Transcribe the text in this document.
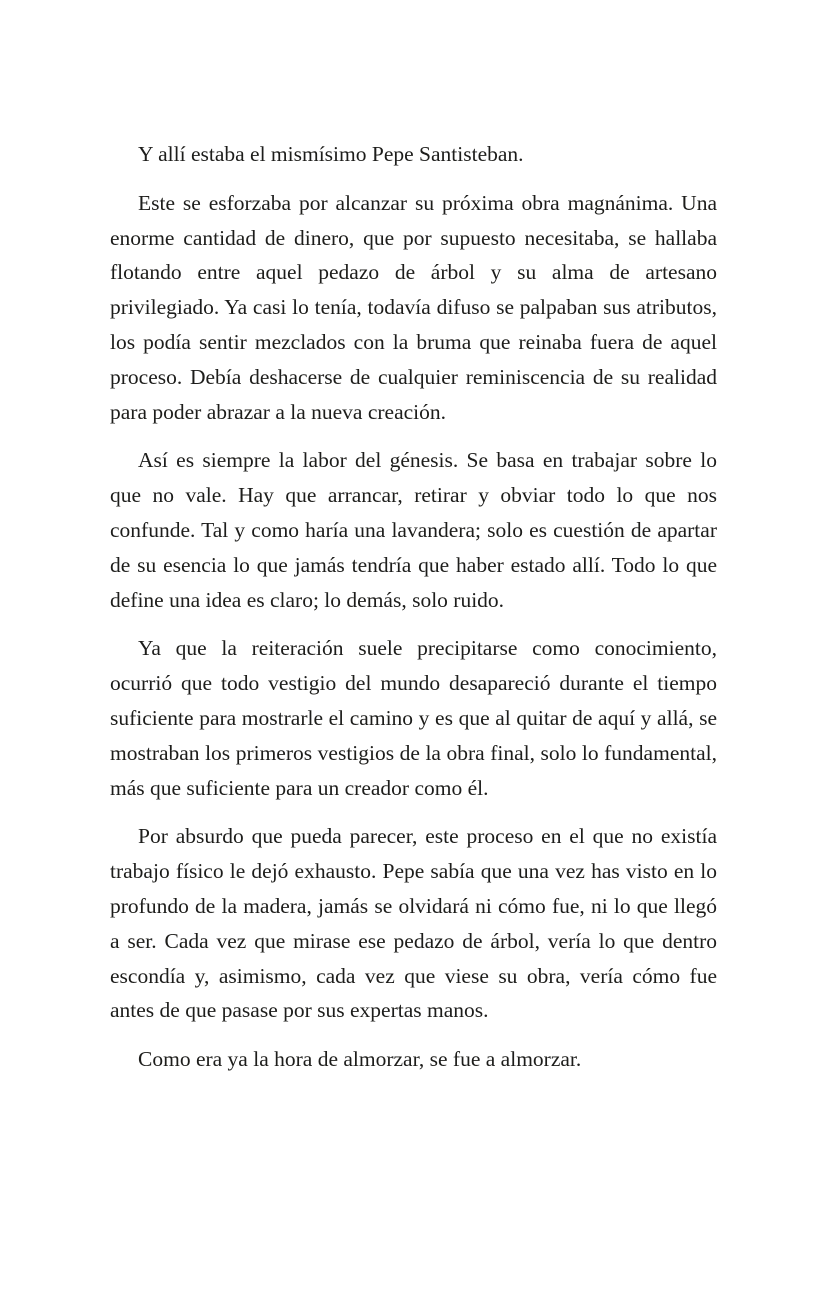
Y allí estaba el mismísimo Pepe Santisteban.

Este se esforzaba por alcanzar su próxima obra magnánima. Una enorme cantidad de dinero, que por supuesto necesitaba, se hallaba flotando entre aquel pedazo de árbol y su alma de artesano privilegiado. Ya casi lo tenía, todavía difuso se palpaban sus atributos, los podía sentir mezclados con la bruma que reinaba fuera de aquel proceso. Debía deshacerse de cualquier reminiscencia de su realidad para poder abrazar a la nueva creación.

Así es siempre la labor del génesis. Se basa en trabajar sobre lo que no vale. Hay que arrancar, retirar y obviar todo lo que nos confunde. Tal y como haría una lavandera; solo es cuestión de apartar de su esencia lo que jamás tendría que haber estado allí. Todo lo que define una idea es claro; lo demás, solo ruido.

Ya que la reiteración suele precipitarse como conocimiento, ocurrió que todo vestigio del mundo desapareció durante el tiempo suficiente para mostrarle el camino y es que al quitar de aquí y allá, se mostraban los primeros vestigios de la obra final, solo lo fundamental, más que suficiente para un creador como él.

Por absurdo que pueda parecer, este proceso en el que no existía trabajo físico le dejó exhausto. Pepe sabía que una vez has visto en lo profundo de la madera, jamás se olvidará ni cómo fue, ni lo que llegó a ser. Cada vez que mirase ese pedazo de árbol, vería lo que dentro escondía y, asimismo, cada vez que viese su obra, vería cómo fue antes de que pasase por sus expertas manos.

Como era ya la hora de almorzar, se fue a almorzar.
